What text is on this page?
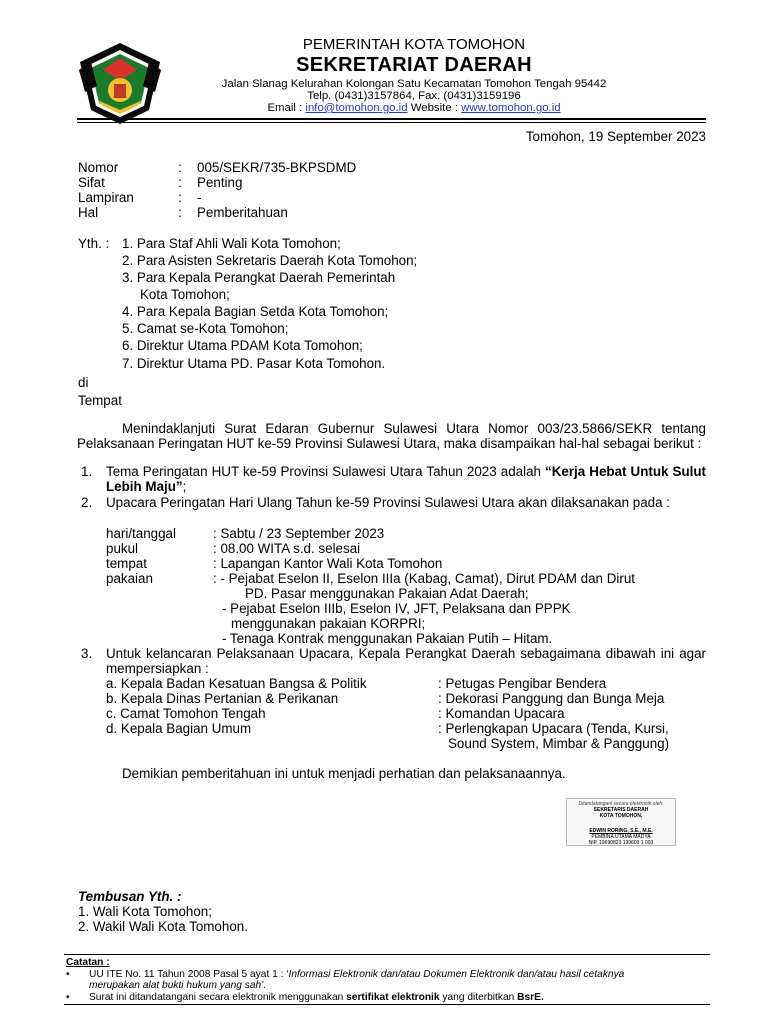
PEMERINTAH KOTA TOMOHON
SEKRETARIAT DAERAH
Jalan Slanag Kelurahan Kolongan Satu Kecamatan Tomohon Tengah 95442
Telp. (0431)3157864, Fax. (0431)3159196
Email : info@tomohon.go.id Website : www.tomohon.go.id
Tomohon, 19 September 2023
Nomor	: 005/SEKR/735-BKPSDMD
Sifat	: Penting
Lampiran	: -
Hal	: Pemberitahuan
Yth. : 1. Para Staf Ahli Wali Kota Tomohon;
2. Para Asisten Sekretaris Daerah Kota Tomohon;
3. Para Kepala Perangkat Daerah Pemerintah
Kota Tomohon;
4. Para Kepala Bagian Setda Kota Tomohon;
5. Camat se-Kota Tomohon;
6. Direktur Utama PDAM Kota Tomohon;
7. Direktur Utama PD. Pasar Kota Tomohon.
di
Tempat
Menindaklanjuti Surat Edaran Gubernur Sulawesi Utara Nomor 003/23.5866/SEKR tentang Pelaksanaan Peringatan HUT ke-59 Provinsi Sulawesi Utara, maka disampaikan hal-hal sebagai berikut :
1. Tema Peringatan HUT ke-59 Provinsi Sulawesi Utara Tahun 2023 adalah “Kerja Hebat Untuk Sulut Lebih Maju”;
2. Upacara Peringatan Hari Ulang Tahun ke-59 Provinsi Sulawesi Utara akan dilaksanakan pada :
hari/tanggal	: Sabtu / 23 September 2023
pukul	: 08.00 WITA s.d. selesai
tempat	: Lapangan Kantor Wali Kota Tomohon
pakaian	: - Pejabat Eselon II, Eselon IIIa (Kabag, Camat), Dirut PDAM dan Dirut
PD. Pasar menggunakan Pakaian Adat Daerah;
- Pejabat Eselon IIIb, Eselon IV, JFT, Pelaksana dan PPPK
menggunakan pakaian KORPRI;
- Tenaga Kontrak menggunakan Pakaian Putih – Hitam.
3. Untuk kelancaran Pelaksanaan Upacara, Kepala Perangkat Daerah sebagaimana dibawah ini agar mempersiapkan :
a. Kepala Badan Kesatuan Bangsa & Politik	: Petugas Pengibar Bendera
b. Kepala Dinas Pertanian & Perikanan	: Dekorasi Panggung dan Bunga Meja
c. Camat Tomohon Tengah	: Komandan Upacara
d. Kepala Bagian Umum	: Perlengkapan Upacara (Tenda, Kursi,
Sound System, Mimbar & Panggung)
Demikian pemberitahuan ini untuk menjadi perhatian dan pelaksanaannya.
Ditandatangani secara elektronik oleh:
SEKRETARIS DAERAH
KOTA TOMOHON,
EDWIN RORING, S.E., M.E.
PEMBINA UTAMA MADYA
NIP. 19690823 199603 1 003
Tembusan Yth. :
1. Wali Kota Tomohon;
2. Wakil Wali Kota Tomohon.
Catatan :
• UU ITE No. 11 Tahun 2008 Pasal 5 ayat 1 : ‘Informasi Elektronik dan/atau Dokumen Elektronik dan/atau hasil cetaknya
merupakan alat bukti hukum yang sah’.
• Surat ini ditandatangani secara elektronik menggunakan sertifikat elektronik yang diterbitkan BsrE.
